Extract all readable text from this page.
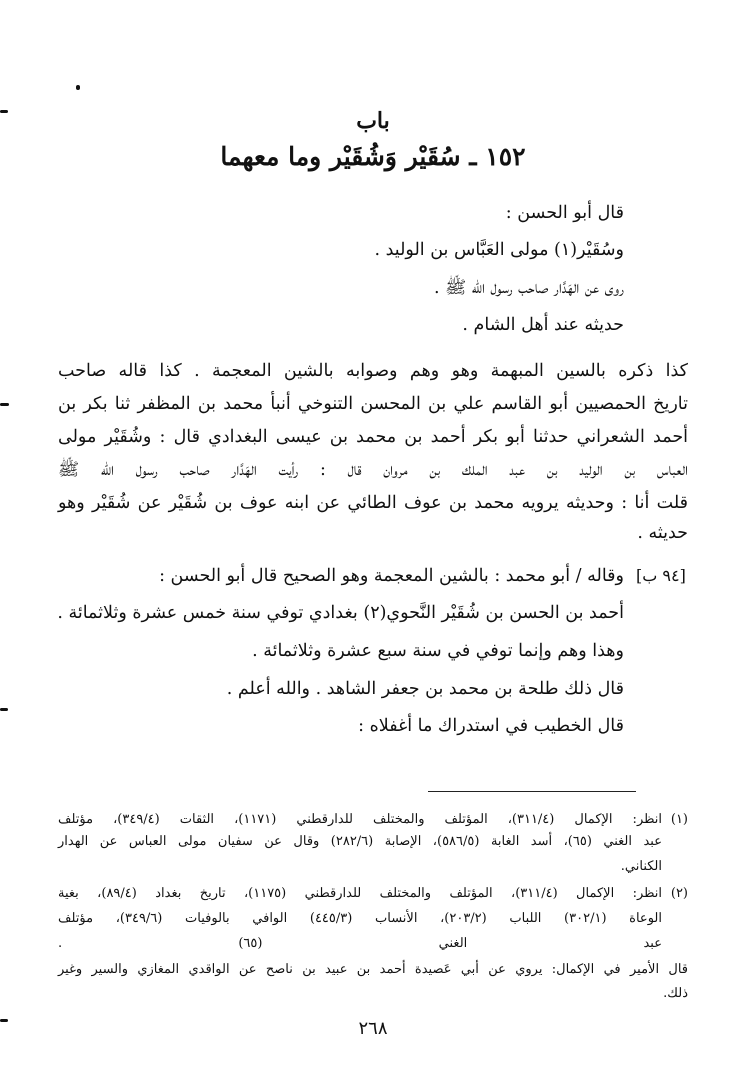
باب
١٥٢ ـ سُقَيْر وَشُقَيْر وما معهما
قال أبو الحسن :
وسُقَيْر(١) مولى العَبَّاس بن الوليد .
روى عن الهَدَّار صاحب رسول الله ﷺ .
حديثه عند أهل الشام .
كذا ذكره بالسين المبهمة وهو وهم وصوابه بالشين المعجمة . كذا قاله صاحب
تاريخ الحمصيين أبو القاسم علي بن المحسن التنوخي أنبأ محمد بن المظفر ثنا بكر بن
أحمد الشعراني حدثنا أبو بكر أحمد بن محمد بن عيسى البغدادي قال : وشُقَيْر مولى
العباس بن الوليد بن عبد الملك بن مروان قال : رأيت الهَدَّار صاحب رسول الله ﷺ
قلت أنا : وحديثه يرويه محمد بن عوف الطائي عن ابنه عوف بن شُقَيْر عن شُقَيْر وهو
حديثه .
[٩٤ ب]
وقاله / أبو محمد : بالشين المعجمة وهو الصحيح قال أبو الحسن :
أحمد بن الحسن بن شُقَيْر النَّحوي(٢) بغدادي توفي سنة خمس عشرة وثلاثمائة .
وهذا وهم وإنما توفي في سنة سبع عشرة وثلاثمائة .
قال ذلك طلحة بن محمد بن جعفر الشاهد . والله أعلم .
قال الخطيب في استدراك ما أغفلاه :
(١)
انظر: الإكمال (٣١١/٤)، المؤتلف والمختلف للدارقطني (١١٧١)، الثقات (٣٤٩/٤)، مؤتلف
عبد الغني (٦٥)، أسد الغابة (٥٨٦/٥)، الإصابة (٢٨٢/٦) وقال عن سفيان مولى العباس عن الهدار
الكناني.
(٢)
انظر: الإكمال (٣١١/٤)، المؤتلف والمختلف للدارقطني (١١٧٥)، تاريخ بغداد (٨٩/٤)، بغية
الوعاة (٣٠٢/١) اللباب (٢٠٣/٢)، الأنساب (٤٤٥/٣) الوافي بالوفيات (٣٤٩/٦)، مؤتلف
عبد الغني (٦٥) .
قال الأمير في الإكمال: يروي عن أبي عَصيدة أحمد بن عبيد بن ناصح عن الواقدي المغازي والسير وغير
ذلك.
٢٦٨
